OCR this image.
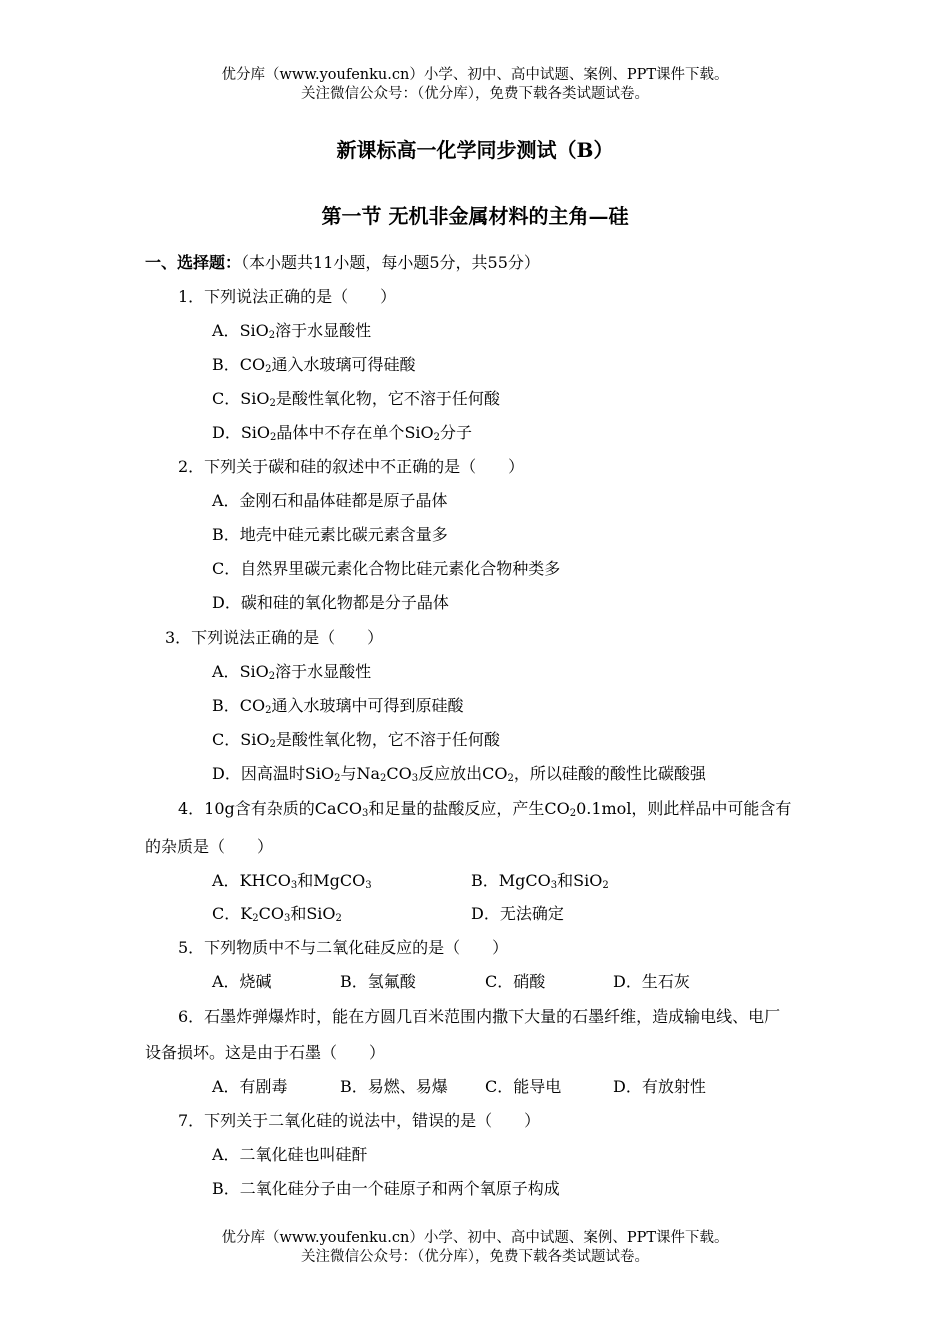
优分库（www.youfenku.cn）小学、初中、高中试题、案例、PPT课件下载。
关注微信公众号：（优分库），免费下载各类试题试卷。
新课标高一化学同步测试（B）
第一节 无机非金属材料的主角—硅
一、选择题：（本小题共11小题，每小题5分，共55分）
1．下列说法正确的是（　　）
A．SiO$_2$溶于水显酸性
B．$CO_2$通入水玻璃可得硅酸
C．SiO$_2$是酸性氧化物，它不溶于任何酸
D．SiO$_2$晶体中不存在单个SiO$_2$分子
2．下列关于碳和硅的叙述中不正确的是（　　）
A．金刚石和晶体硅都是原子晶体
B．地壳中硅元素比碳元素含量多
C．自然界里碳元素化合物比硅元素化合物种类多
D．碳和硅的氧化物都是分子晶体
3．下列说法正确的是（　　）
A．SiO$_2$溶于水显酸性
B．$CO_2$通入水玻璃中可得到原硅酸
C．SiO$_2$是酸性氧化物，它不溶于任何酸
D．因高温时SiO$_2$与$Na_2CO_3$反应放出$CO_2$，所以硅酸的酸性比碳酸强
4．10g含有杂质的CaCO$_3$和足量的盐酸反应，产生$CO_20.1mol$，则此样品中可能含有
的杂质是（　　）
A．$KHCO_3$和MgCO$_3$	B．MgCO$_3$和SiO$_2$
C．$K_2CO_3$和SiO$_2$	D．无法确定
5．下列物质中不与二氧化硅反应的是（　　）
A．烧碱	B．氢氟酸	C．硝酸	D．生石灰
6．石墨炸弹爆炸时，能在方圆几百米范围内撒下大量的石墨纤维，造成输电线、电厂
设备损坏。这是由于石墨（　　）
A．有剧毒	B．易燃、易爆 C．能导电	D．有放射性
7．下列关于二氧化硅的说法中，错误的是（　　）
A．二氧化硅也叫硅酐
B．二氧化硅分子由一个硅原子和两个氧原子构成
优分库（www.youfenku.cn）小学、初中、高中试题、案例、PPT课件下载。
关注微信公众号：（优分库），免费下载各类试题试卷。
